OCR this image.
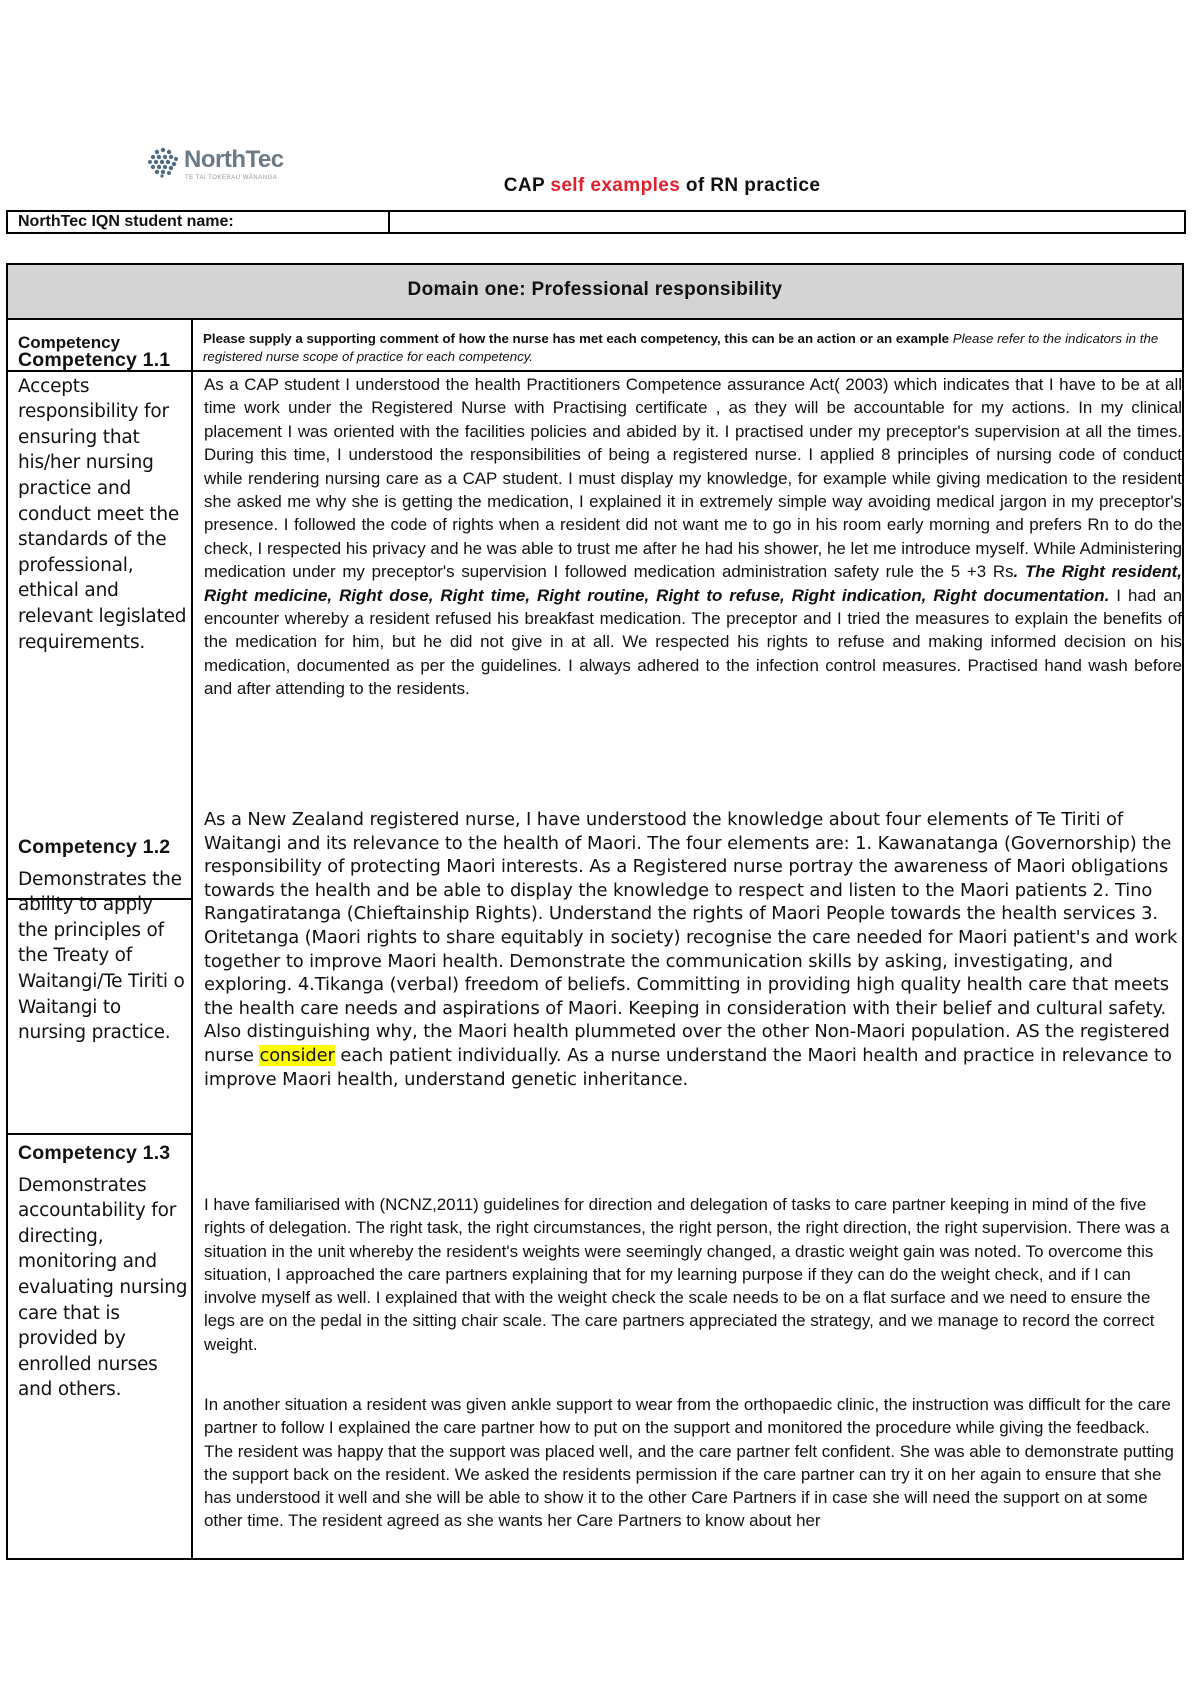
NorthTec
TE TAI TOKERAU WĀNANGA	CAP self examples of RN practice
NorthTec IQN student name:
Domain one: Professional responsibility
Competency	Please supply a supporting comment of how the nurse has met each competency, this can be an action or an example Please refer to the indicators in the registered nurse scope of practice for each competency.
Competency 1.1
Accepts responsibility for ensuring that his/her nursing practice and conduct meet the standards of the professional, ethical and relevant legislated requirements.
Competency 1.2
Demonstrates the ability to apply the principles of the Treaty of Waitangi/Te Tiriti o Waitangi to nursing practice.
Competency 1.3
Demonstrates accountability for directing, monitoring and evaluating nursing care that is provided by enrolled nurses and others.
As a CAP student I understood the health Practitioners Competence assurance Act( 2003) which indicates that I have to be at all time work under the Registered Nurse with Practising certificate , as they will be accountable for my actions. In my clinical placement I was oriented with the facilities policies and abided by it. I practised under my preceptor's supervision at all the times. During this time, I understood the responsibilities of being a registered nurse. I applied 8 principles of nursing code of conduct while rendering nursing care as a CAP student. I must display my knowledge, for example while giving medication to the resident she asked me why she is getting the medication, I explained it in extremely simple way avoiding medical jargon in my preceptor's presence. I followed the code of rights when a resident did not want me to go in his room early morning and prefers Rn to do the check, I respected his privacy and he was able to trust me after he had his shower, he let me introduce myself. While Administering medication under my preceptor's supervision I followed medication administration safety rule the 5 +3 Rs. The Right resident, Right medicine, Right dose, Right time, Right routine, Right to refuse, Right indication, Right documentation. I had an encounter whereby a resident refused his breakfast medication. The preceptor and I tried the measures to explain the benefits of the medication for him, but he did not give in at all. We respected his rights to refuse and making informed decision on his medication, documented as per the guidelines. I always adhered to the infection control measures. Practised hand wash before and after attending to the residents.
As a New Zealand registered nurse, I have understood the knowledge about four elements of Te Tiriti of Waitangi and its relevance to the health of Maori. The four elements are: 1. Kawanatanga (Governorship) the responsibility of protecting Maori interests. As a Registered nurse portray the awareness of Maori obligations towards the health and be able to display the knowledge to respect and listen to the Maori patients 2. Tino Rangatiratanga (Chieftainship Rights). Understand the rights of Maori People towards the health services 3. Oritetanga (Maori rights to share equitably in society) recognise the care needed for Maori patient's and work together to improve Maori health. Demonstrate the communication skills by asking, investigating, and exploring. 4.Tikanga (verbal) freedom of beliefs. Committing in providing high quality health care that meets the health care needs and aspirations of Maori. Keeping in consideration with their belief and cultural safety. Also distinguishing why, the Maori health plummeted over the other Non-Maori population. AS the registered nurse consider each patient individually. As a nurse understand the Maori health and practice in relevance to improve Maori health, understand genetic inheritance.
I have familiarised with (NCNZ,2011) guidelines for direction and delegation of tasks to care partner keeping in mind of the five rights of delegation. The right task, the right circumstances, the right person, the right direction, the right supervision. There was a situation in the unit whereby the resident's weights were seemingly changed, a drastic weight gain was noted. To overcome this situation, I approached the care partners explaining that for my learning purpose if they can do the weight check, and if I can involve myself as well. I explained that with the weight check the scale needs to be on a flat surface and we need to ensure the legs are on the pedal in the sitting chair scale. The care partners appreciated the strategy, and we manage to record the correct weight.
In another situation a resident was given ankle support to wear from the orthopaedic clinic, the instruction was difficult for the care partner to follow I explained the care partner how to put on the support and monitored the procedure while giving the feedback. The resident was happy that the support was placed well, and the care partner felt confident. She was able to demonstrate putting the support back on the resident. We asked the residents permission if the care partner can try it on her again to ensure that she has understood it well and she will be able to show it to the other Care Partners if in case she will need the support on at some other time. The resident agreed as she wants her Care Partners to know about her
